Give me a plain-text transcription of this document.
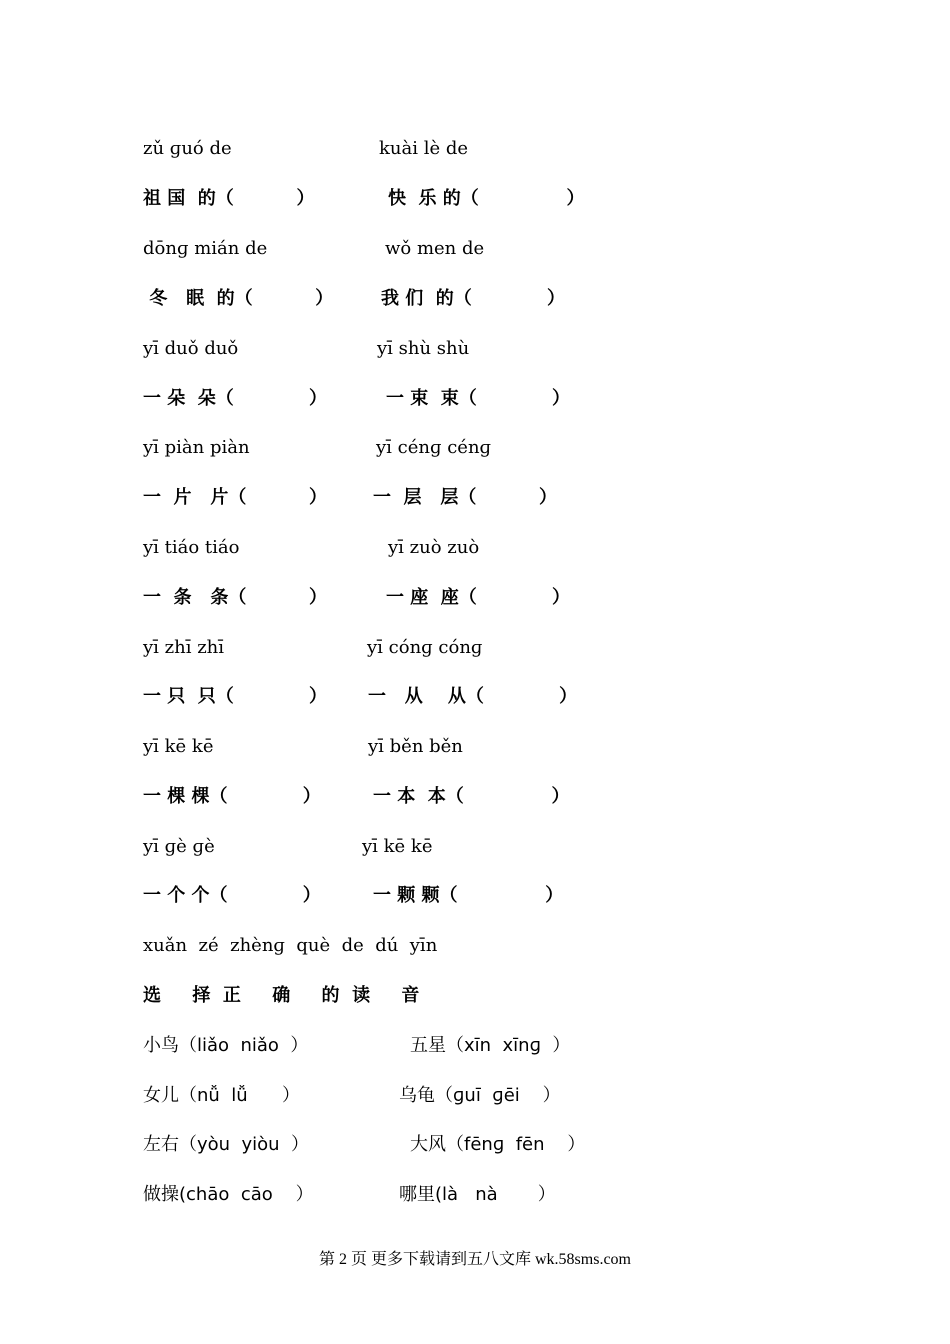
zǔ ɡuó de	kuài lè de
祖 国  的（          ）	快  乐 的（              ）
dōnɡ mián de	wǒ men de
冬   眠  的（          ）	我 们  的（            ）
yī duǒ duǒ	yī shù shù
一 朵  朵（            ）	一 束  束（            ）
yī piàn piàn	yī cénɡ cénɡ
一  片   片（          ）	一  层   层（          ）
yī tiáo tiáo	yī zuò zuò
一  条   条（          ）	一 座  座（            ）
yī zhī zhī	yī cónɡ cónɡ
一 只  只（            ） 一   从    从（            ）
yī kē kē	yī běn běn
一 棵 棵（            ）	一 本  本（              ）
yī ɡè ɡè	yī kē kē
一 个 个（            ）	一 颗 颗（              ）
xuǎn  zé  zhènɡ  què  de  dú  yīn
选     择  正     确     的  读     音
小鸟（liǎo  niǎo  ）	五星（xīn  xīnɡ  ）
女儿（nǚ  lǚ      ）	乌龟（ɡuī  ɡēi    ）
左右（yòu  yiòu  ）	大风（fēnɡ  fēn    ）
做操(chāo  cāo    ）	哪里(là   nà       ）
第 2 页 更多下载请到五八文库 wk.58sms.com
